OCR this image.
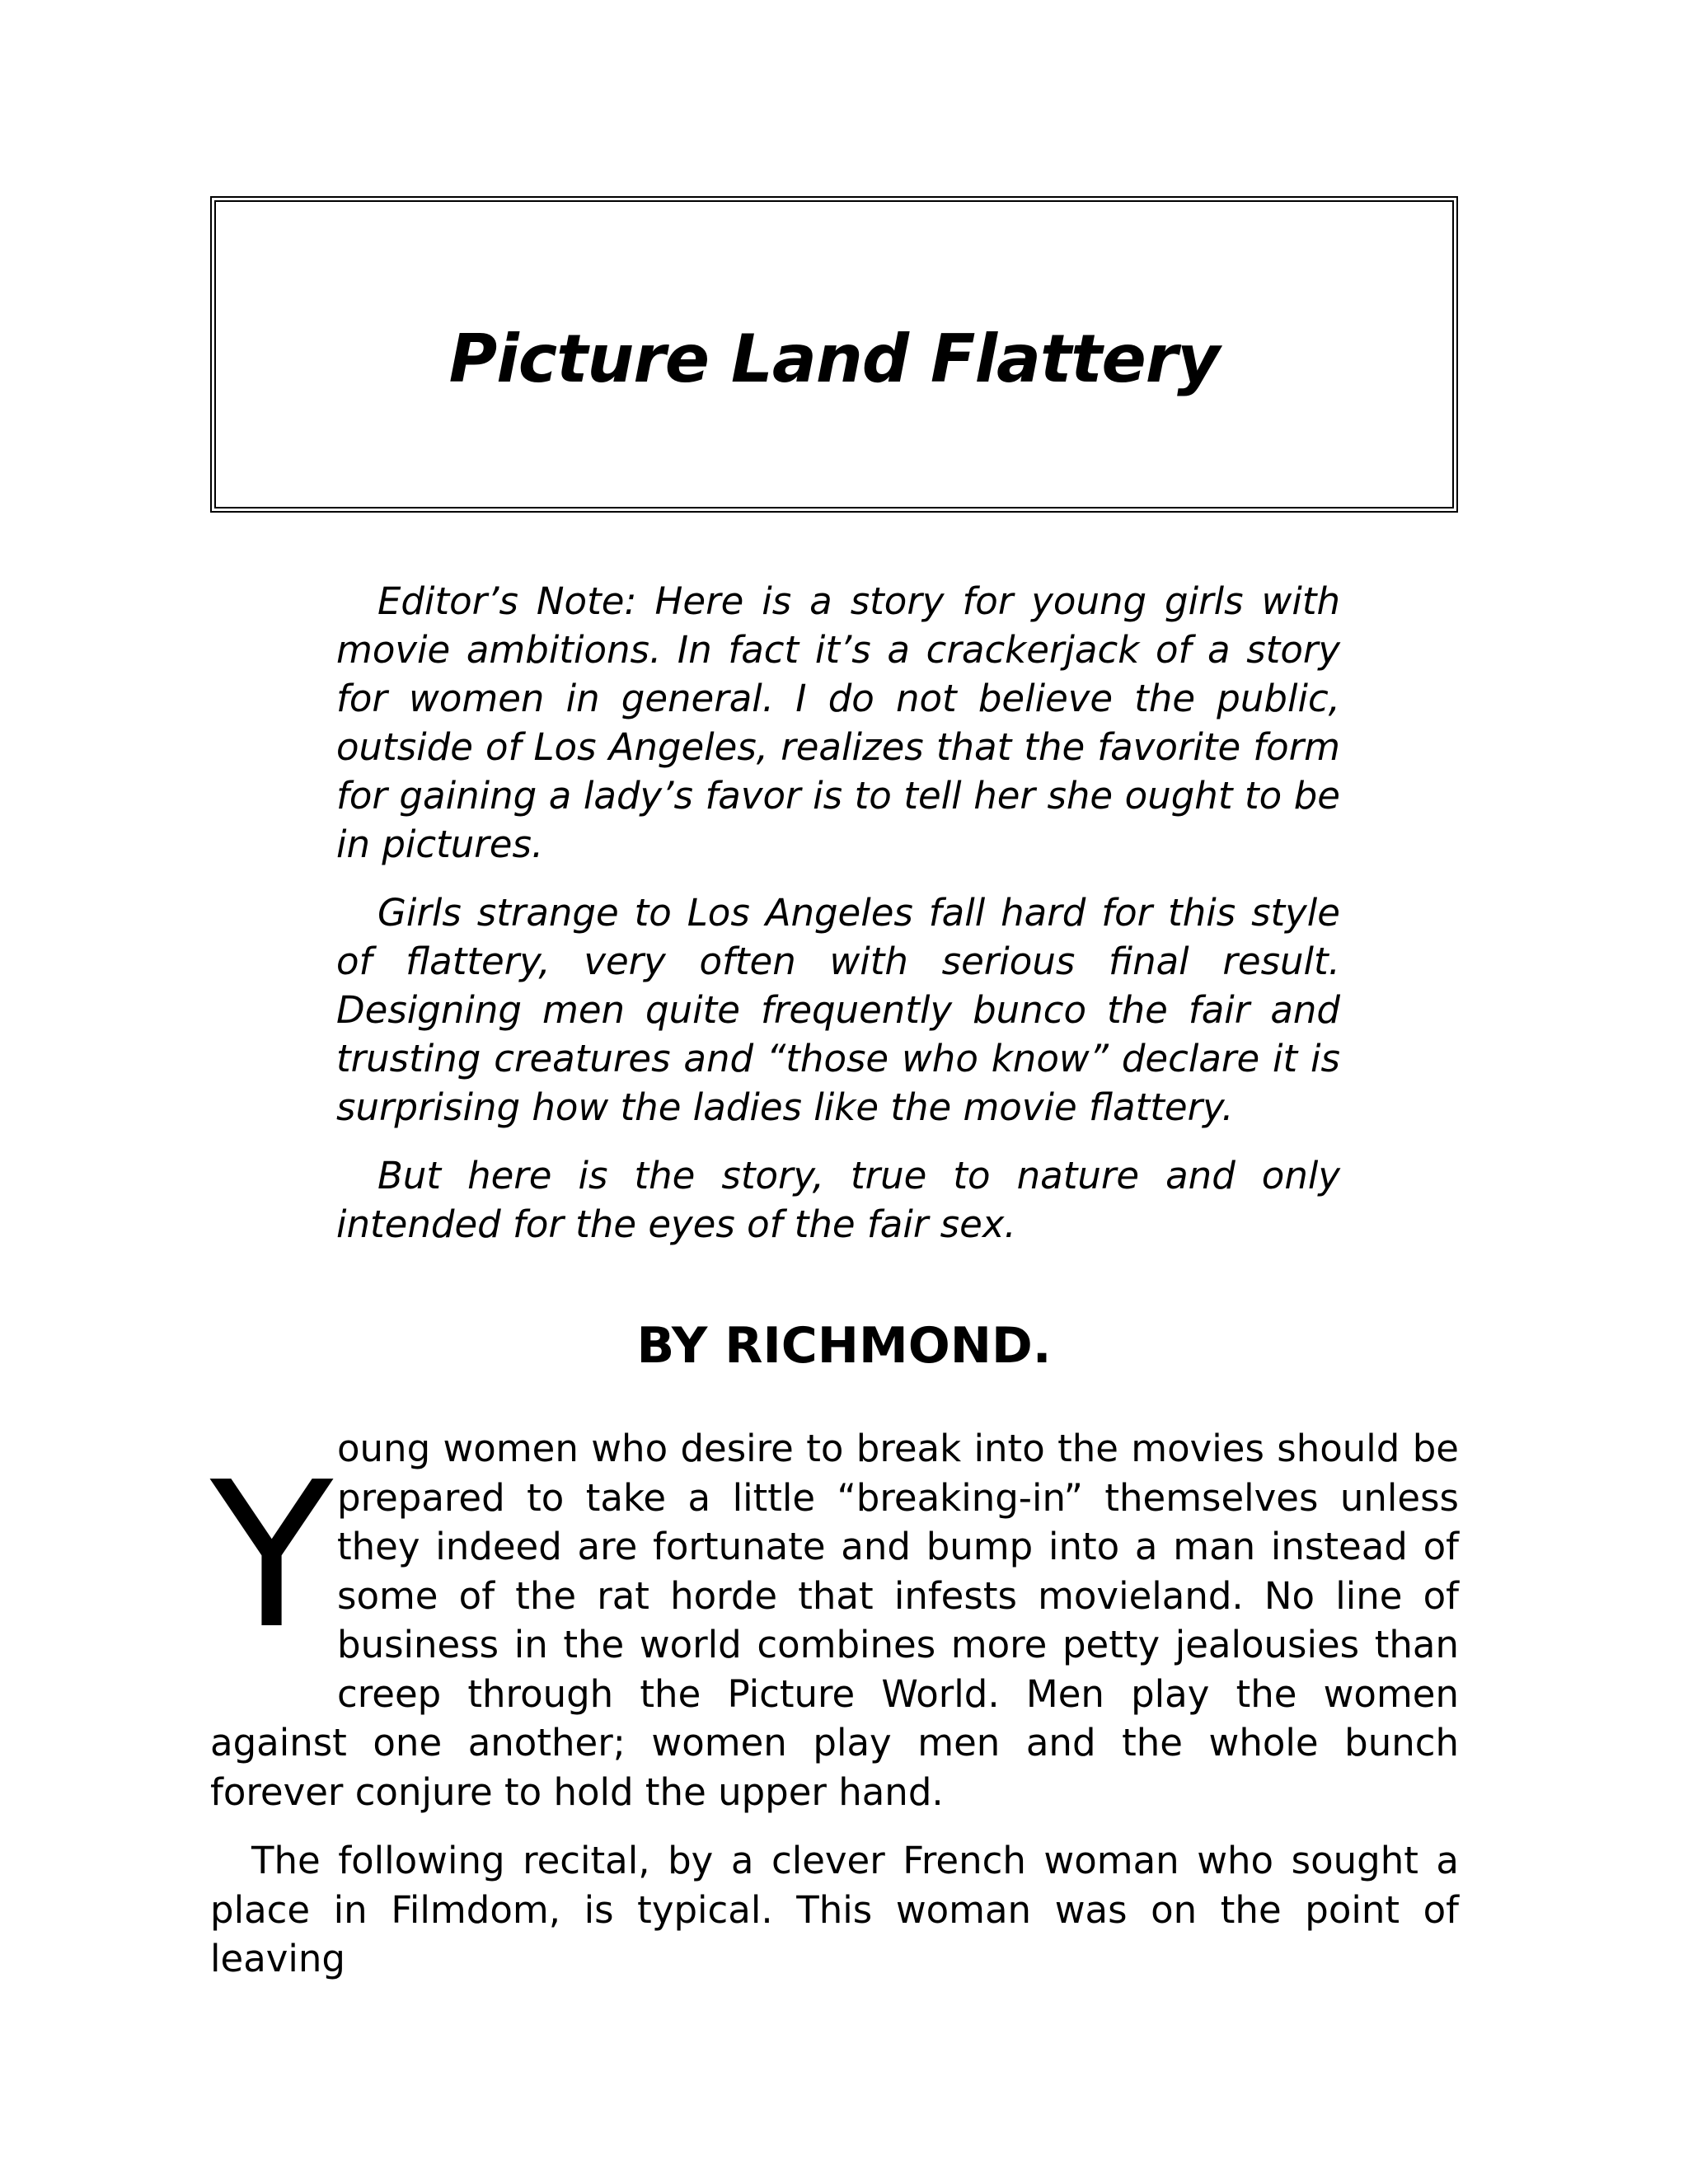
Picture Land Flattery

Editor’s Note: Here is a story for young girls with movie ambitions. In fact it’s a crackerjack of a story for women in general. I do not believe the public, outside of Los Angeles, realizes that the favorite form for gaining a lady’s favor is to tell her she ought to be in pictures.

Girls strange to Los Angeles fall hard for this style of flattery, very often with serious final result. Designing men quite frequently bunco the fair and trusting creatures and “those who know” declare it is surprising how the ladies like the movie flattery.

But here is the story, true to nature and only intended for the eyes of the fair sex.

BY RICHMOND.

Young women who desire to break into the movies should be prepared to take a little “breaking-in” themselves unless they indeed are fortunate and bump into a man instead of some of the rat horde that infests movieland. No line of business in the world combines more petty jealousies than creep through the Picture World. Men play the women against one another; women play men and the whole bunch forever conjure to hold the upper hand.

The following recital, by a clever French woman who sought a place in Filmdom, is typical. This woman was on the point of leaving
